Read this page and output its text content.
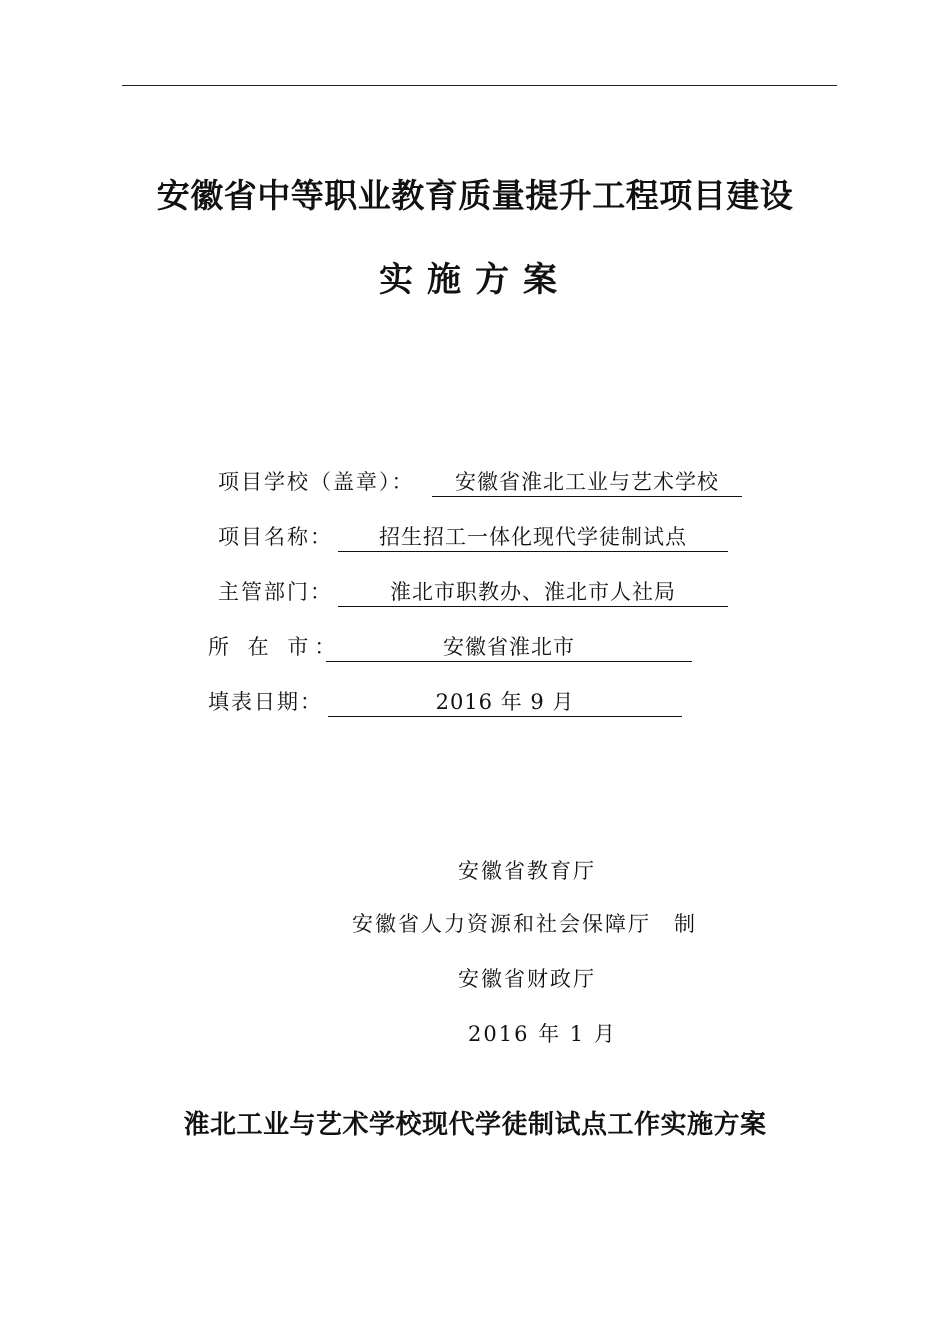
安徽省中等职业教育质量提升工程项目建设
实施方案
项目学校（盖章）：	安徽省淮北工业与艺术学校
项目名称：	招生招工一体化现代学徒制试点
主管部门：	淮北市职教办、淮北市人社局
所 在 市：	安徽省淮北市
填表日期：	2016 年 9 月
安徽省教育厅
安徽省人力资源和社会保障厅　制
安徽省财政厅
2016 年 1 月
淮北工业与艺术学校现代学徒制试点工作实施方案
